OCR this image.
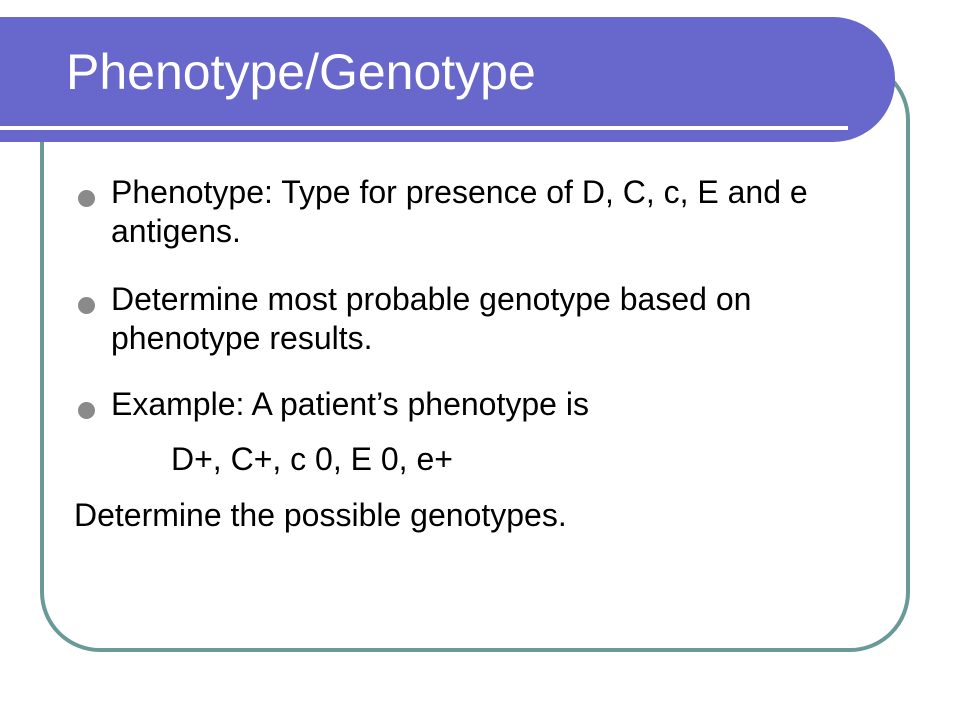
Phenotype/Genotype
Phenotype: Type for presence of D, C, c, E and e antigens.
Determine most probable genotype based on phenotype results.
Example: A patient’s phenotype is
D+, C+, c 0, E 0, e+
Determine the possible genotypes.
